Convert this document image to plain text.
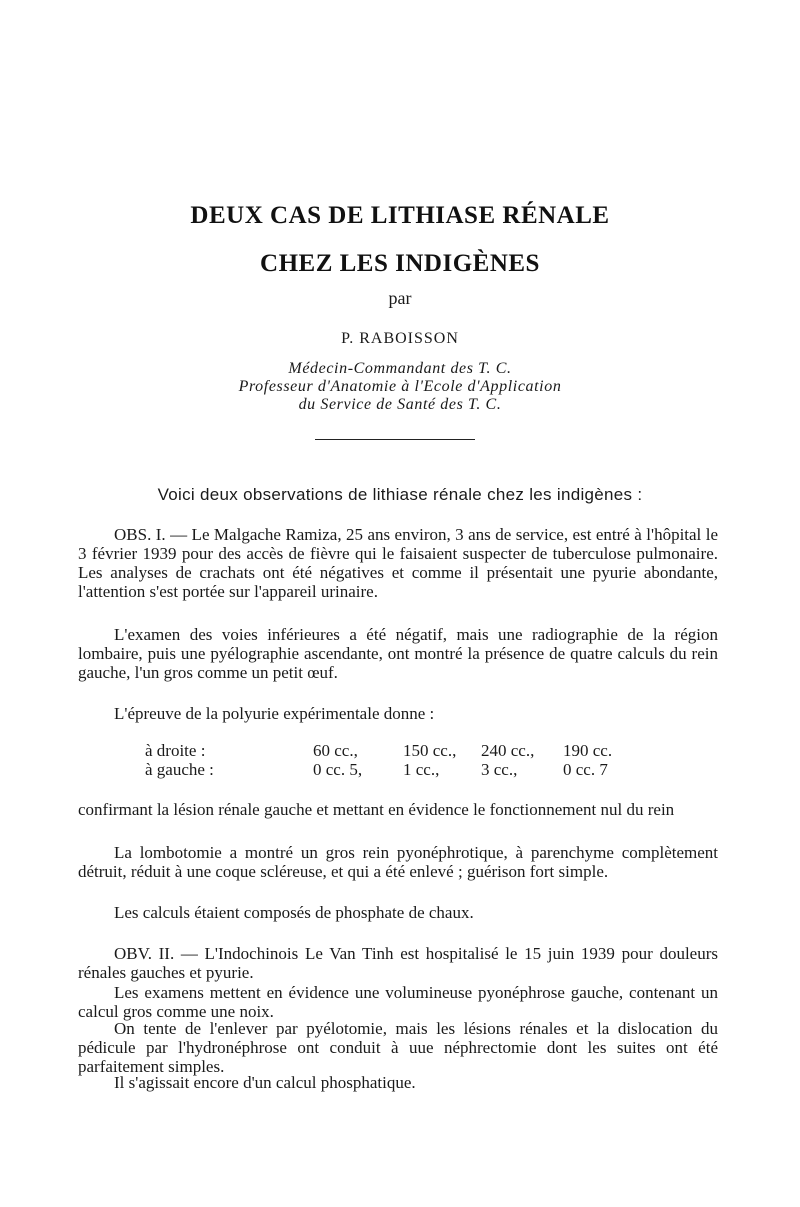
DEUX CAS DE LITHIASE RÉNALE
CHEZ LES INDIGÈNES
par
P. RABOISSON
Médecin-Commandant des T. C.
Professeur d'Anatomie à l'Ecole d'Application
du Service de Santé des T. C.
Voici deux observations de lithiase rénale chez les indigènes :

OBS. I. — Le Malgache Ramiza, 25 ans environ, 3 ans de service, est entré à l'hôpital le 3 février 1939 pour des accès de fièvre qui le faisaient suspecter de tuberculose pulmonaire. Les analyses de crachats ont été négatives et comme il présentait une pyurie abondante, l'attention s'est portée sur l'appareil urinaire.

L'examen des voies inférieures a été négatif, mais une radiographie de la région lombaire, puis une pyélographie ascendante, ont montré la présence de quatre calculs du rein gauche, l'un gros comme un petit œuf.

L'épreuve de la polyurie expérimentale donne :

à droite :	60 cc.,	150 cc., 240 cc., 190 cc.
à gauche :	0 cc. 5, 1 cc., 3 cc.,	0 cc. 7

confirmant la lésion rénale gauche et mettant en évidence le fonctionnement nul du rein

La lombotomie a montré un gros rein pyonéphrotique, à parenchyme complètement détruit, réduit à une coque scléreuse, et qui a été enlevé ; guérison fort simple.

Les calculs étaient composés de phosphate de chaux.

OBV. II. — L'Indochinois Le Van Tinh est hospitalisé le 15 juin 1939 pour douleurs rénales gauches et pyurie.

Les examens mettent en évidence une volumineuse pyonéphrose gauche, contenant un calcul gros comme une noix.

On tente de l'enlever par pyélotomie, mais les lésions rénales et la dislocation du pédicule par l'hydronéphrose ont conduit à uue néphrectomie dont les suites ont été parfaitement simples.

Il s'agissait encore d'un calcul phosphatique.
